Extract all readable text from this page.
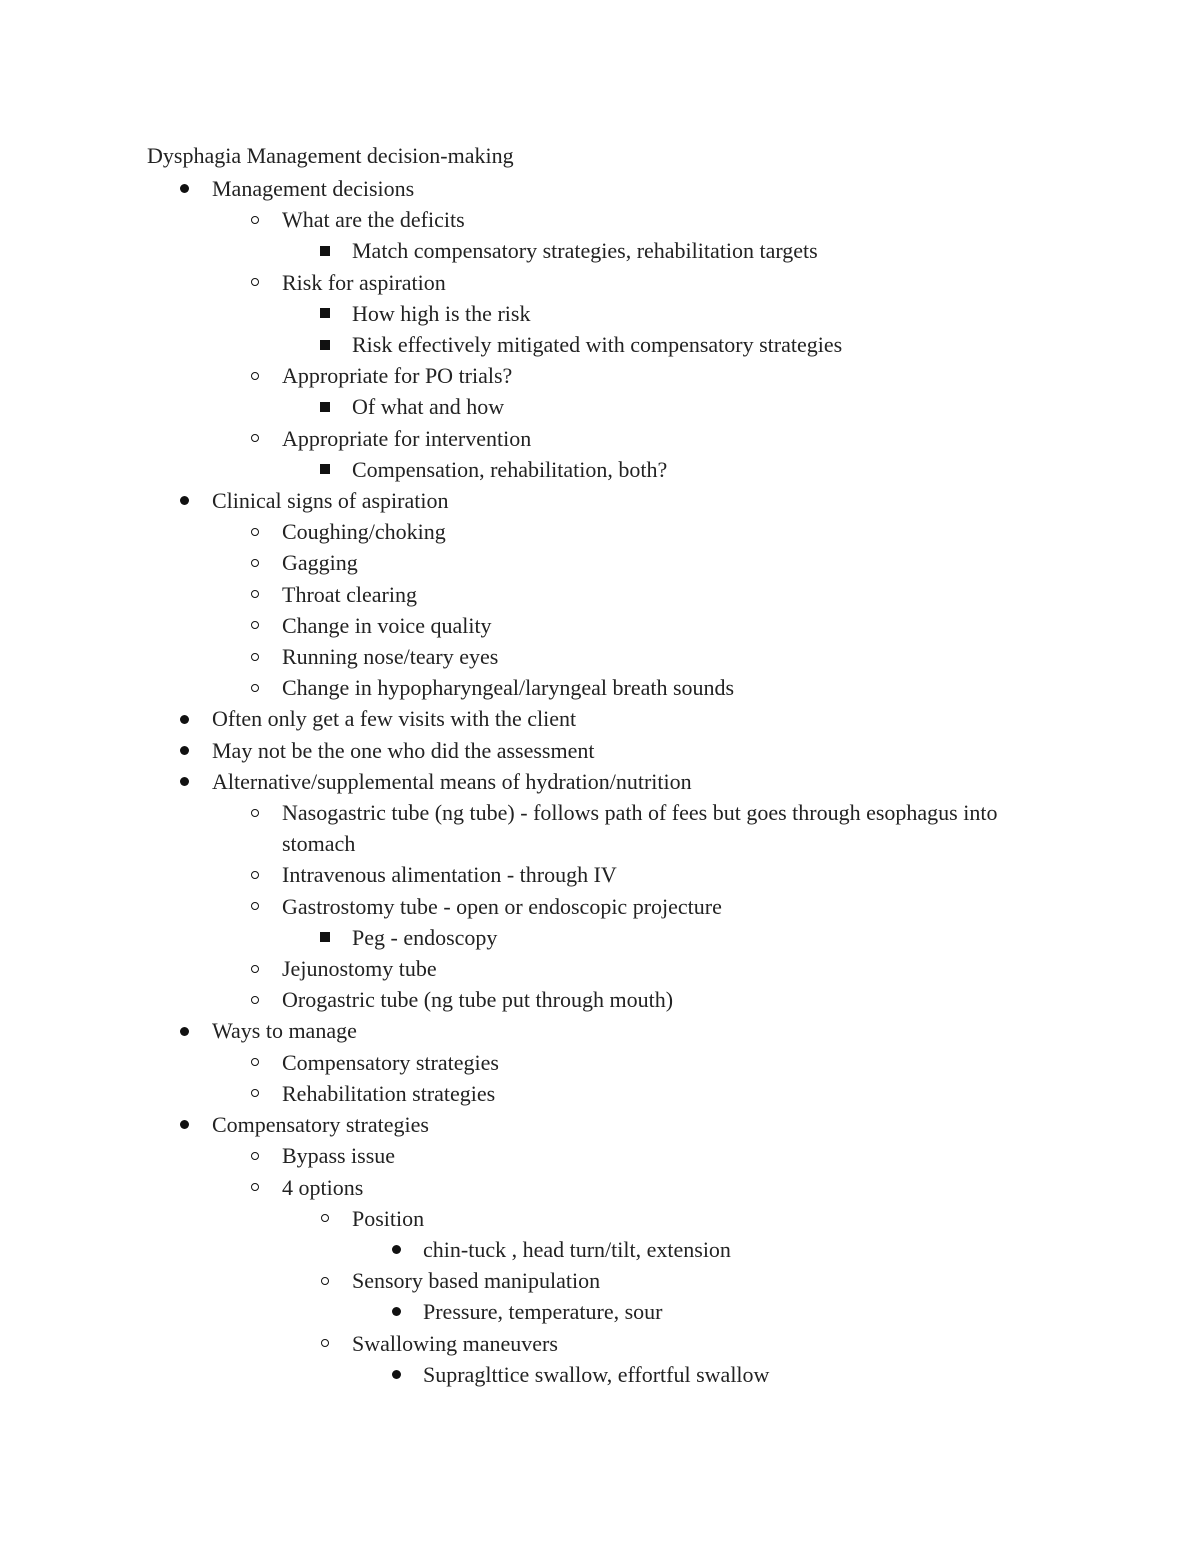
Dysphagia Management decision-making
Management decisions
What are the deficits
Match compensatory strategies, rehabilitation targets
Risk for aspiration
How high is the risk
Risk effectively mitigated with compensatory strategies
Appropriate for PO trials?
Of what and how
Appropriate for intervention
Compensation, rehabilitation, both?
Clinical signs of aspiration
Coughing/choking
Gagging
Throat clearing
Change in voice quality
Running nose/teary eyes
Change in hypopharyngeal/laryngeal breath sounds
Often only get a few visits with the client
May not be the one who did the assessment
Alternative/supplemental means of hydration/nutrition
Nasogastric tube (ng tube) - follows path of fees but goes through esophagus into stomach
Intravenous alimentation - through IV
Gastrostomy tube - open or endoscopic projecture
Peg - endoscopy
Jejunostomy tube
Orogastric tube (ng tube put through mouth)
Ways to manage
Compensatory strategies
Rehabilitation strategies
Compensatory strategies
Bypass issue
4 options
Position
chin-tuck , head turn/tilt, extension
Sensory based manipulation
Pressure, temperature, sour
Swallowing maneuvers
Supraglttice swallow, effortful swallow
